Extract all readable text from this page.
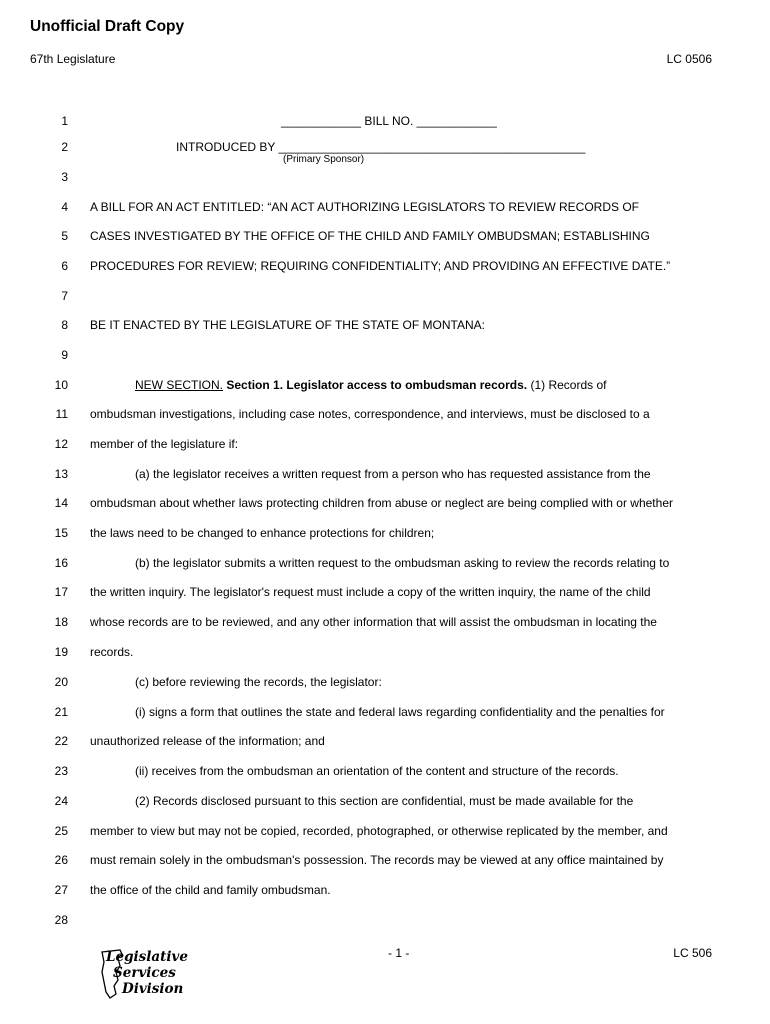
Unofficial Draft Copy
67th Legislature	LC 0506
1	____________ BILL NO. ____________
2	INTRODUCED BY ______________________________________________
(Primary Sponsor)
3
4 A BILL FOR AN ACT ENTITLED: “AN ACT AUTHORIZING LEGISLATORS TO REVIEW RECORDS OF
5 CASES INVESTIGATED BY THE OFFICE OF THE CHILD AND FAMILY OMBUDSMAN; ESTABLISHING
6 PROCEDURES FOR REVIEW; REQUIRING CONFIDENTIALITY; AND PROVIDING AN EFFECTIVE DATE.”
7
8 BE IT ENACTED BY THE LEGISLATURE OF THE STATE OF MONTANA:
9
10	NEW SECTION. Section 1. Legislator access to ombudsman records. (1) Records of
11 ombudsman investigations, including case notes, correspondence, and interviews, must be disclosed to a
12 member of the legislature if:
13	(a) the legislator receives a written request from a person who has requested assistance from the
14 ombudsman about whether laws protecting children from abuse or neglect are being complied with or whether
15 the laws need to be changed to enhance protections for children;
16	(b) the legislator submits a written request to the ombudsman asking to review the records relating to
17 the written inquiry. The legislator's request must include a copy of the written inquiry, the name of the child
18 whose records are to be reviewed, and any other information that will assist the ombudsman in locating the
19 records.
20	(c) before reviewing the records, the legislator:
21	(i) signs a form that outlines the state and federal laws regarding confidentiality and the penalties for
22 unauthorized release of the information; and
23	(ii) receives from the ombudsman an orientation of the content and structure of the records.
24	(2) Records disclosed pursuant to this section are confidential, must be made available for the
25 member to view but may not be copied, recorded, photographed, or otherwise replicated by the member, and
26 must remain solely in the ombudsman's possession. The records may be viewed at any office maintained by
27 the office of the child and family ombudsman.
28
Legislative
Services
Division
- 1 -	LC 506
